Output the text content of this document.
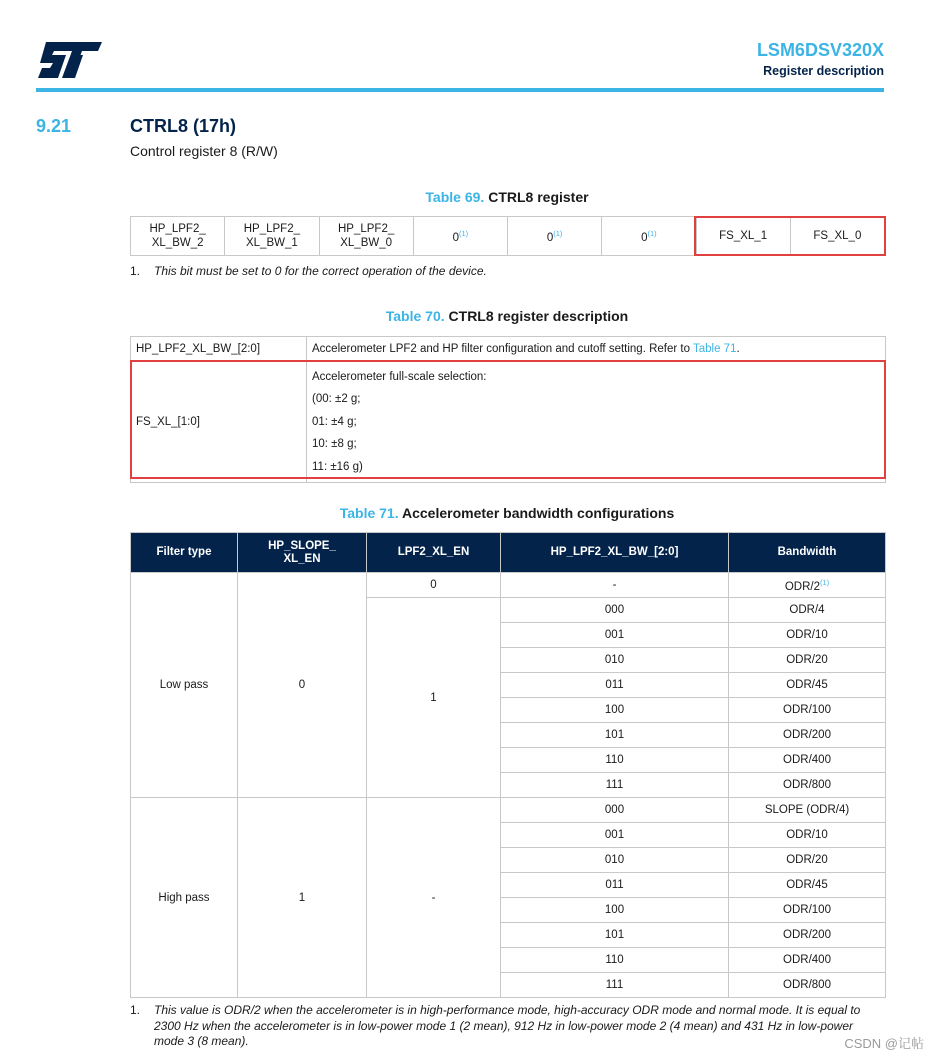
LSM6DSV320X
Register description
9.21	CTRL8 (17h)
Control register 8 (R/W)
Table 69. CTRL8 register
HP_LPF2_
XL_BW_2	HP_LPF2_
XL_BW_1	HP_LPF2_
XL_BW_0	0$^{(1)}$	0$^{(1)}$	0$^{(1)}$	FS_XL_1	FS_XL_0
1. This bit must be set to 0 for the correct operation of the device.
Table 70. CTRL8 register description
HP_LPF2_XL_BW_[2:0]	Accelerometer LPF2 and HP filter configuration and cutoff setting. Refer to Table 71.
FS_XL_[1:0]	Accelerometer full-scale selection:
(00: ±2 g;
01: ±4 g;
10: ±8 g;
11: ±16 g)
Table 71. Accelerometer bandwidth configurations
Filter type	HP_SLOPE_
XL_EN	LPF2_XL_EN	HP_LPF2_XL_BW_[2:0]	Bandwidth
Low pass	0	0	-	ODR/2$^{(1)}$
		1	000	ODR/4
			001	ODR/10
			010	ODR/20
			011	ODR/45
			100	ODR/100
			101	ODR/200
			110	ODR/400
			111	ODR/800
High pass	1	-	000	SLOPE (ODR/4)
			001	ODR/10
			010	ODR/20
			011	ODR/45
			100	ODR/100
			101	ODR/200
			110	ODR/400
			111	ODR/800
1. This value is ODR/2 when the accelerometer is in high-performance mode, high-accuracy ODR mode and normal mode. It is equal to 2300 Hz when the accelerometer is in low-power mode 1 (2 mean), 912 Hz in low-power mode 2 (4 mean) and 431 Hz in low-power mode 3 (8 mean).	CSDN @记帖
